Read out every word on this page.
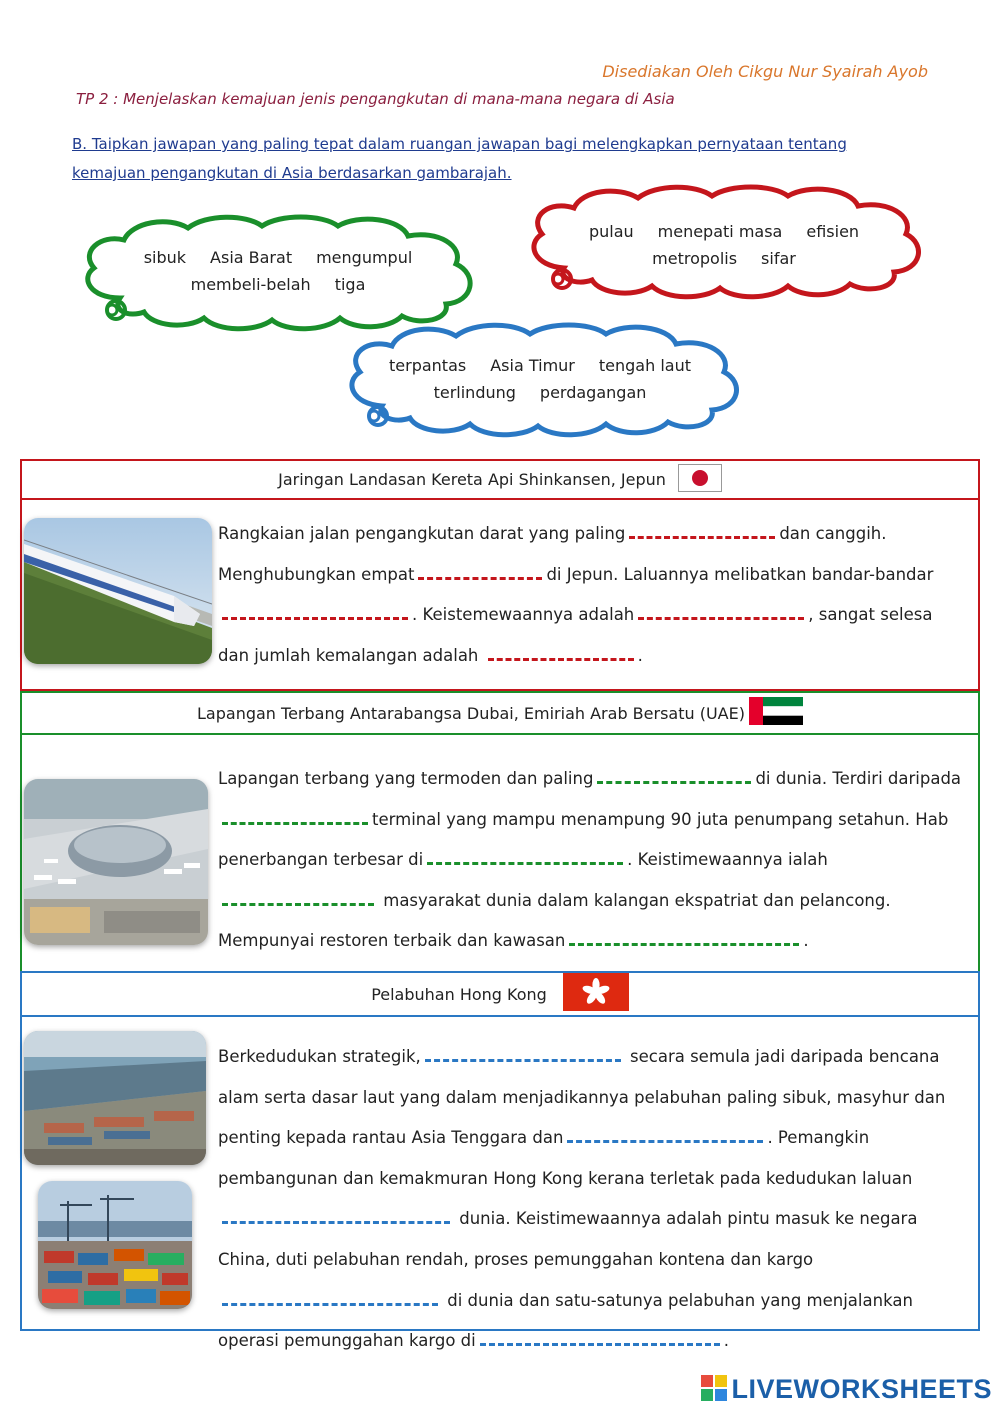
Disediakan Oleh Cikgu Nur Syairah Ayob
TP 2 : Menjelaskan kemajuan jenis pengangkutan di mana-mana negara di Asia
B. Taipkan jawapan yang paling tepat dalam ruangan jawapan bagi melengkapkan pernyataan tentang kemajuan pengangkutan di Asia berdasarkan gambarajah.
sibuk Asia Barat mengumpul
membeli-belah tiga
pulau menepati masa efisien
metropolis sifar
terpantas Asia Timur tengah laut
terlindung perdagangan
Jaringan Landasan Kereta Api Shinkansen, Jepun
Rangkaian jalan pengangkutan darat yang paling	dan canggih. Menghubungkan empat	di Jepun. Laluannya melibatkan bandar-bandar. Keistemewaannya adalah	, sangat selesa dan jumlah kemalangan adalah	.
Lapangan Terbang Antarabangsa Dubai, Emiriah Arab Bersatu (UAE)
Lapangan terbang yang termoden dan paling	di dunia. Terdiri daripada terminal yang mampu menampung 90 juta penumpang setahun. Hab penerbangan terbesar di	. Keistimewaannya ialah masyarakat dunia dalam kalangan ekspatriat dan pelancong. Mempunyai restoren terbaik dan kawasan	.
Pelabuhan Hong Kong
Berkedudukan strategik,	secara semula jadi daripada bencana alam serta dasar laut yang dalam menjadikannya pelabuhan paling sibuk, masyhur dan penting kepada rantau Asia Tenggara dan	. Pemangkin pembangunan dan kemakmuran Hong Kong kerana terletak pada kedudukan laluan dunia. Keistimewaannya adalah pintu masuk ke negara China, duti pelabuhan rendah, proses pemunggahan kontena dan kargo di dunia dan satu-satunya pelabuhan yang menjalankan operasi pemunggahan kargo di	.
LIVEWORKSHEETS
